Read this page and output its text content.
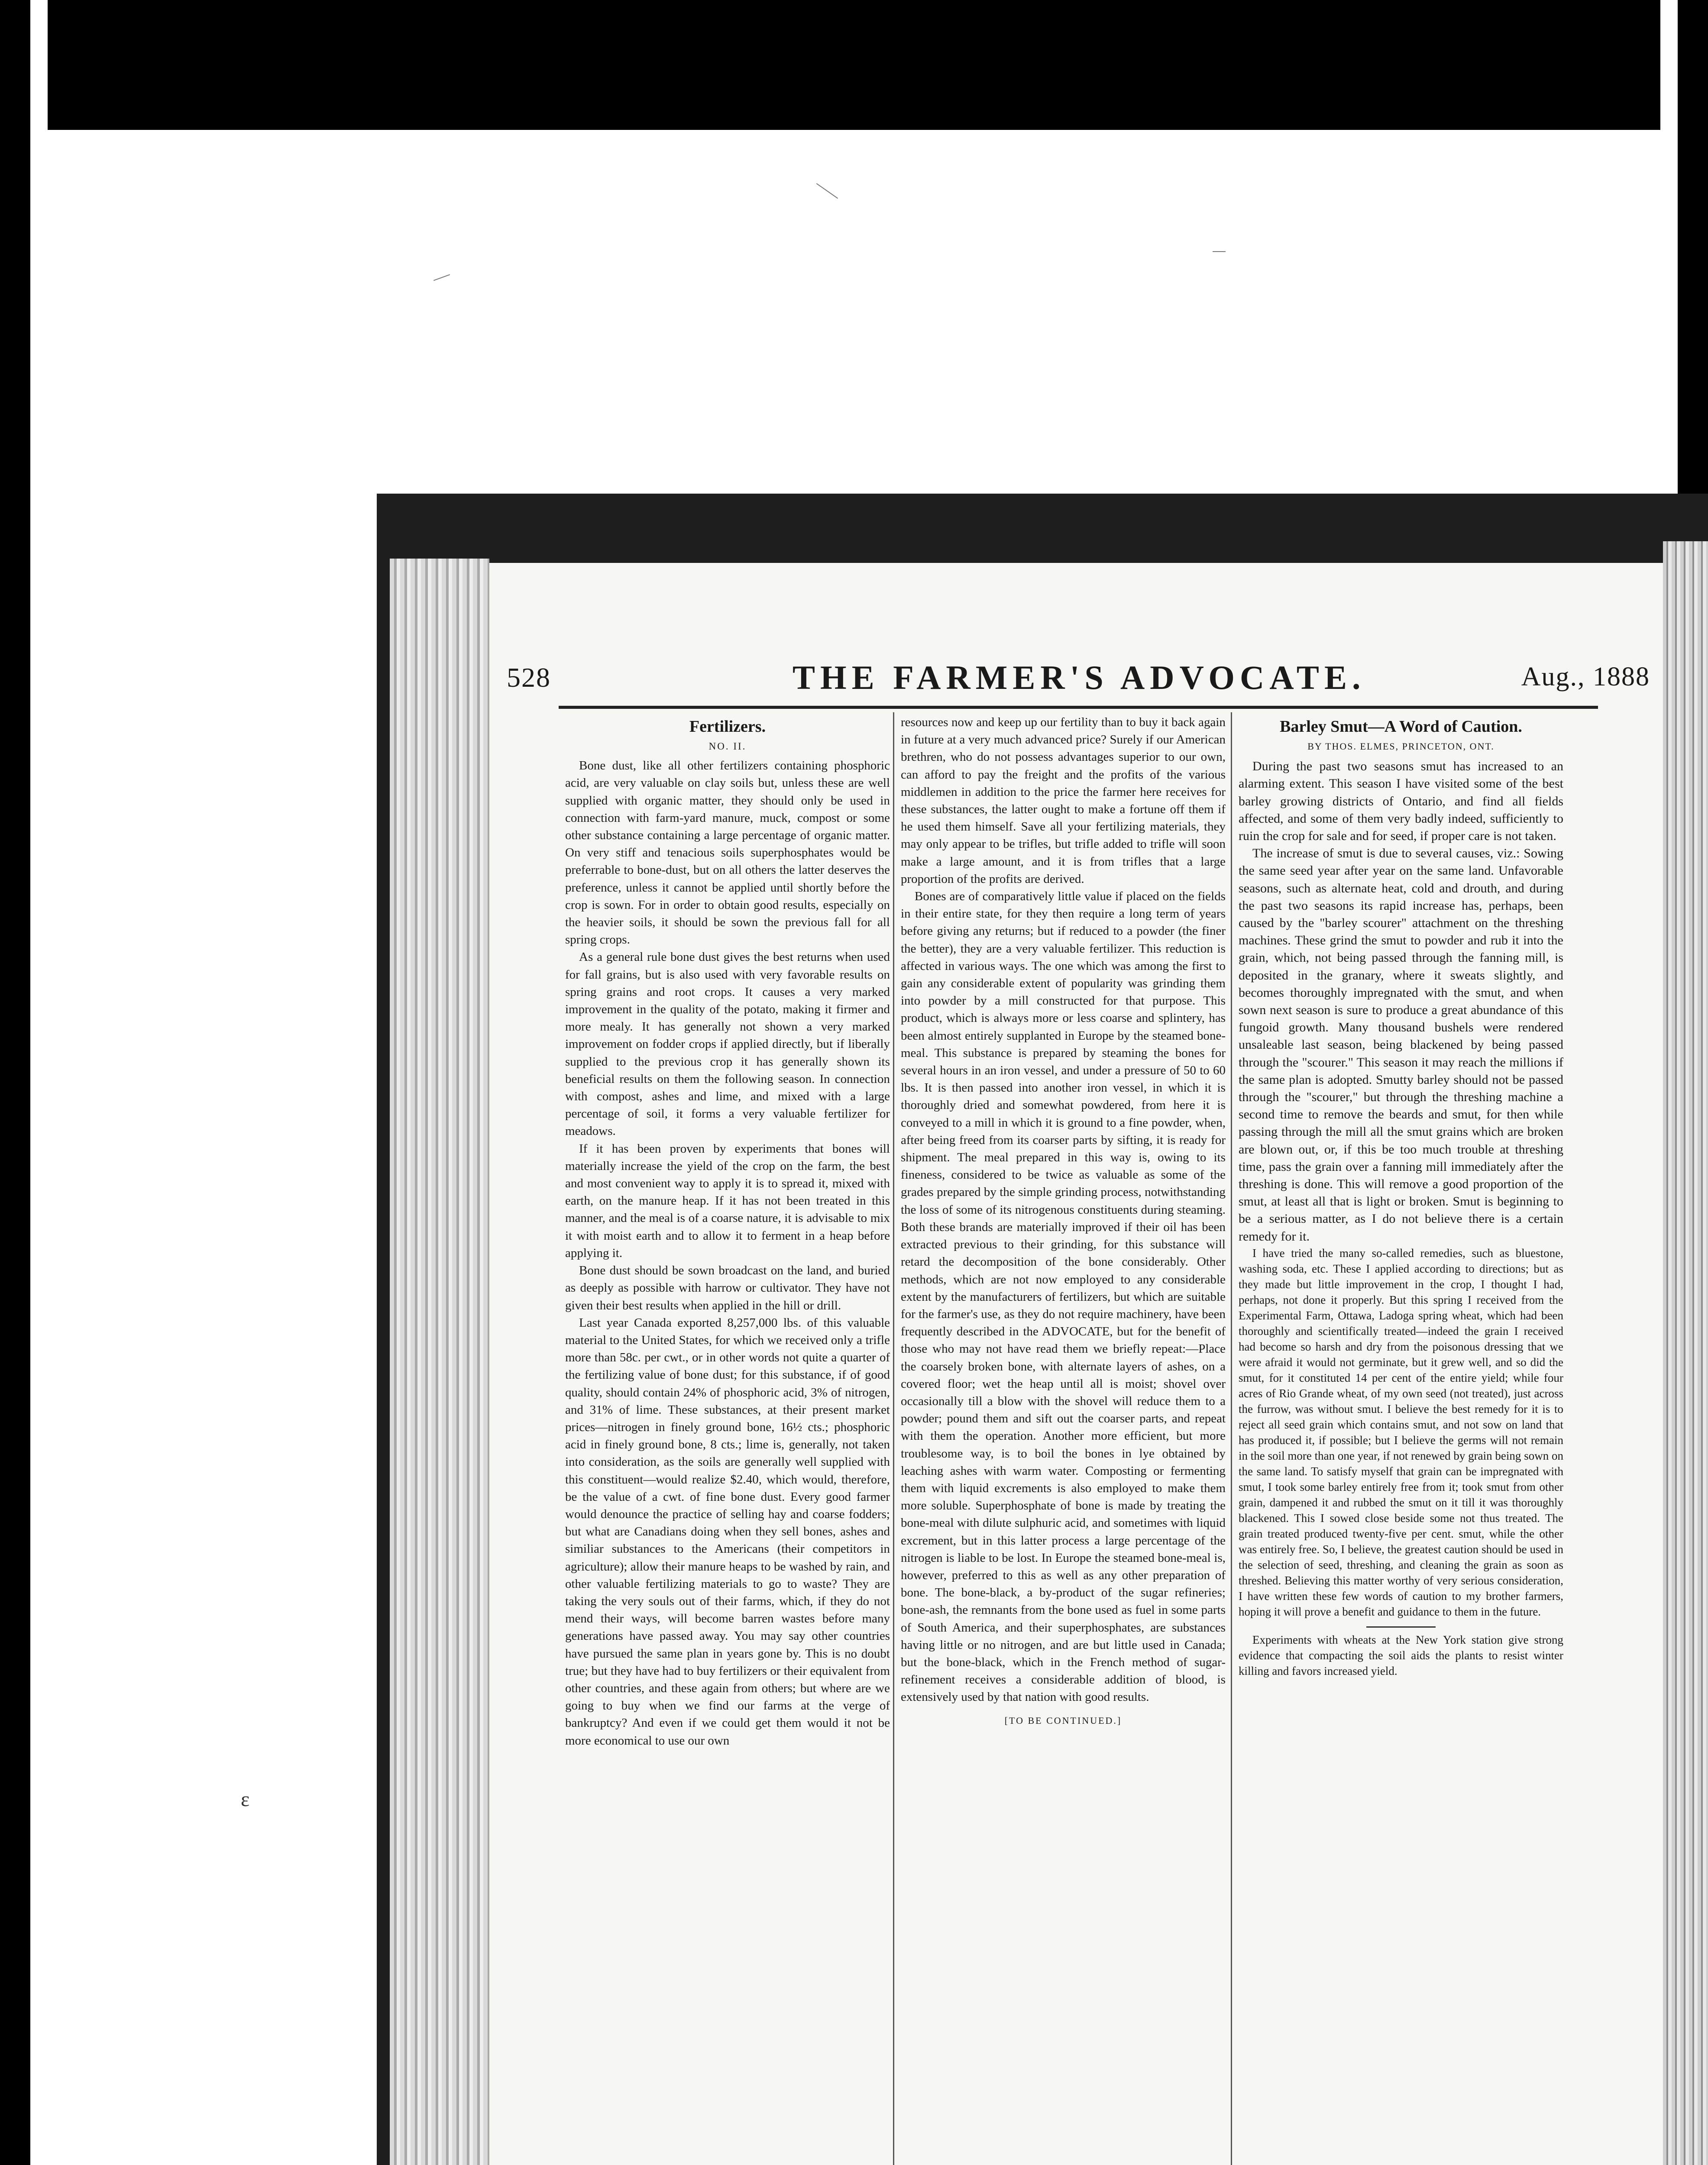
ɛ
528	THE FARMER'S ADVOCATE.	Aug., 1888
Fertilizers.
NO. II.

Bone dust, like all other fertilizers containing phosphoric acid, are very valuable on clay soils but, unless these are well supplied with organic matter, they should only be used in connection with farm-yard manure, muck, compost or some other substance containing a large percentage of organic matter. On very stiff and tenacious soils superphosphates would be preferrable to bone-dust, but on all others the latter deserves the preference, unless it cannot be applied until shortly before the crop is sown. For in order to obtain good results, especially on the heavier soils, it should be sown the previous fall for all spring crops.

As a general rule bone dust gives the best returns when used for fall grains, but is also used with very favorable results on spring grains and root crops. It causes a very marked improvement in the quality of the potato, making it firmer and more mealy. It has generally not shown a very marked improvement on fodder crops if applied directly, but if liberally supplied to the previous crop it has generally shown its beneficial results on them the following season. In connection with compost, ashes and lime, and mixed with a large percentage of soil, it forms a very valuable fertilizer for meadows.

If it has been proven by experiments that bones will materially increase the yield of the crop on the farm, the best and most convenient way to apply it is to spread it, mixed with earth, on the manure heap. If it has not been treated in this manner, and the meal is of a coarse nature, it is advisable to mix it with moist earth and to allow it to ferment in a heap before applying it.

Bone dust should be sown broadcast on the land, and buried as deeply as possible with harrow or cultivator. They have not given their best results when applied in the hill or drill.

Last year Canada exported 8,257,000 lbs. of this valuable material to the United States, for which we received only a trifle more than 58c. per cwt., or in other words not quite a quarter of the fertilizing value of bone dust; for this substance, if of good quality, should contain 24% of phosphoric acid, 3% of nitrogen, and 31% of lime. These substances, at their present market prices—nitrogen in finely ground bone, 16½ cts.; phosphoric acid in finely ground bone, 8 cts.; lime is, generally, not taken into consideration, as the soils are generally well supplied with this constituent—would realize $2.40, which would, therefore, be the value of a cwt. of fine bone dust. Every good farmer would denounce the practice of selling hay and coarse fodders; but what are Canadians doing when they sell bones, ashes and similiar substances to the Americans (their competitors in agriculture); allow their manure heaps to be washed by rain, and other valuable fertilizing materials to go to waste? They are taking the very souls out of their farms, which, if they do not mend their ways, will become barren wastes before many generations have passed away. You may say other countries have pursued the same plan in years gone by. This is no doubt true; but they have had to buy fertilizers or their equivalent from other countries, and these again from others; but where are we going to buy when we find our farms at the verge of bankruptcy? And even if we could get them would it not be more economical to use our own

resources now and keep up our fertility than to buy it back again in future at a very much advanced price? Surely if our American brethren, who do not possess advantages superior to our own, can afford to pay the freight and the profits of the various middlemen in addition to the price the farmer here receives for these substances, the latter ought to make a fortune off them if he used them himself. Save all your fertilizing materials, they may only appear to be trifles, but trifle added to trifle will soon make a large amount, and it is from trifles that a large proportion of the profits are derived.

Bones are of comparatively little value if placed on the fields in their entire state, for they then require a long term of years before giving any returns; but if reduced to a powder (the finer the better), they are a very valuable fertilizer. This reduction is affected in various ways. The one which was among the first to gain any considerable extent of popularity was grinding them into powder by a mill constructed for that purpose. This product, which is always more or less coarse and splintery, has been almost entirely supplanted in Europe by the steamed bone-meal. This substance is prepared by steaming the bones for several hours in an iron vessel, and under a pressure of 50 to 60 lbs. It is then passed into another iron vessel, in which it is thoroughly dried and somewhat powdered, from here it is conveyed to a mill in which it is ground to a fine powder, when, after being freed from its coarser parts by sifting, it is ready for shipment. The meal prepared in this way is, owing to its fineness, considered to be twice as valuable as some of the grades prepared by the simple grinding process, notwithstanding the loss of some of its nitrogenous constituents during steaming. Both these brands are materially improved if their oil has been extracted previous to their grinding, for this substance will retard the decomposition of the bone considerably. Other methods, which are not now employed to any considerable extent by the manufacturers of fertilizers, but which are suitable for the farmer's use, as they do not require machinery, have been frequently described in the ADVOCATE, but for the benefit of those who may not have read them we briefly repeat:—Place the coarsely broken bone, with alternate layers of ashes, on a covered floor; wet the heap until all is moist; shovel over occasionally till a blow with the shovel will reduce them to a powder; pound them and sift out the coarser parts, and repeat with them the operation. Another more efficient, but more troublesome way, is to boil the bones in lye obtained by leaching ashes with warm water. Composting or fermenting them with liquid excrements is also employed to make them more soluble. Superphosphate of bone is made by treating the bone-meal with dilute sulphuric acid, and sometimes with liquid excrement, but in this latter process a large percentage of the nitrogen is liable to be lost. In Europe the steamed bone-meal is, however, preferred to this as well as any other preparation of bone. The bone-black, a by-product of the sugar refineries; bone-ash, the remnants from the bone used as fuel in some parts of South America, and their superphosphates, are substances having little or no nitrogen, and are but little used in Canada; but the bone-black, which in the French method of sugar-refinement receives a considerable addition of blood, is extensively used by that nation with good results.

[TO BE CONTINUED.]
Barley Smut—A Word of Caution.
BY THOS. ELMES, PRINCETON, ONT.

During the past two seasons smut has increased to an alarming extent. This season I have visited some of the best barley growing districts of Ontario, and find all fields affected, and some of them very badly indeed, sufficiently to ruin the crop for sale and for seed, if proper care is not taken.

The increase of smut is due to several causes, viz.: Sowing the same seed year after year on the same land. Unfavorable seasons, such as alternate heat, cold and drouth, and during the past two seasons its rapid increase has, perhaps, been caused by the "barley scourer" attachment on the threshing machines. These grind the smut to powder and rub it into the grain, which, not being passed through the fanning mill, is deposited in the granary, where it sweats slightly, and becomes thoroughly impregnated with the smut, and when sown next season is sure to produce a great abundance of this fungoid growth. Many thousand bushels were rendered unsaleable last season, being blackened by being passed through the "scourer." This season it may reach the millions if the same plan is adopted. Smutty barley should not be passed through the "scourer," but through the threshing machine a second time to remove the beards and smut, for then while passing through the mill all the smut grains which are broken are blown out, or, if this be too much trouble at threshing time, pass the grain over a fanning mill immediately after the threshing is done. This will remove a good proportion of the smut, at least all that is light or broken. Smut is beginning to be a serious matter, as I do not believe there is a certain remedy for it.

I have tried the many so-called remedies, such as bluestone, washing soda, etc. These I applied according to directions; but as they made but little improvement in the crop, I thought I had, perhaps, not done it properly. But this spring I received from the Experimental Farm, Ottawa, Ladoga spring wheat, which had been thoroughly and scientifically treated—indeed the grain I received had become so harsh and dry from the poisonous dressing that we were afraid it would not germinate, but it grew well, and so did the smut, for it constituted 14 per cent of the entire yield; while four acres of Rio Grande wheat, of my own seed (not treated), just across the furrow, was without smut. I believe the best remedy for it is to reject all seed grain which contains smut, and not sow on land that has produced it, if possible; but I believe the germs will not remain in the soil more than one year, if not renewed by grain being sown on the same land. To satisfy myself that grain can be impregnated with smut, I took some barley entirely free from it; took smut from other grain, dampened it and rubbed the smut on it till it was thoroughly blackened. This I sowed close beside some not thus treated. The grain treated produced twenty-five per cent. smut, while the other was entirely free. So, I believe, the greatest caution should be used in the selection of seed, threshing, and cleaning the grain as soon as threshed. Believing this matter worthy of very serious consideration, I have written these few words of caution to my brother farmers, hoping it will prove a benefit and guidance to them in the future.

Experiments with wheats at the New York station give strong evidence that compacting the soil aids the plants to resist winter killing and favors increased yield.
